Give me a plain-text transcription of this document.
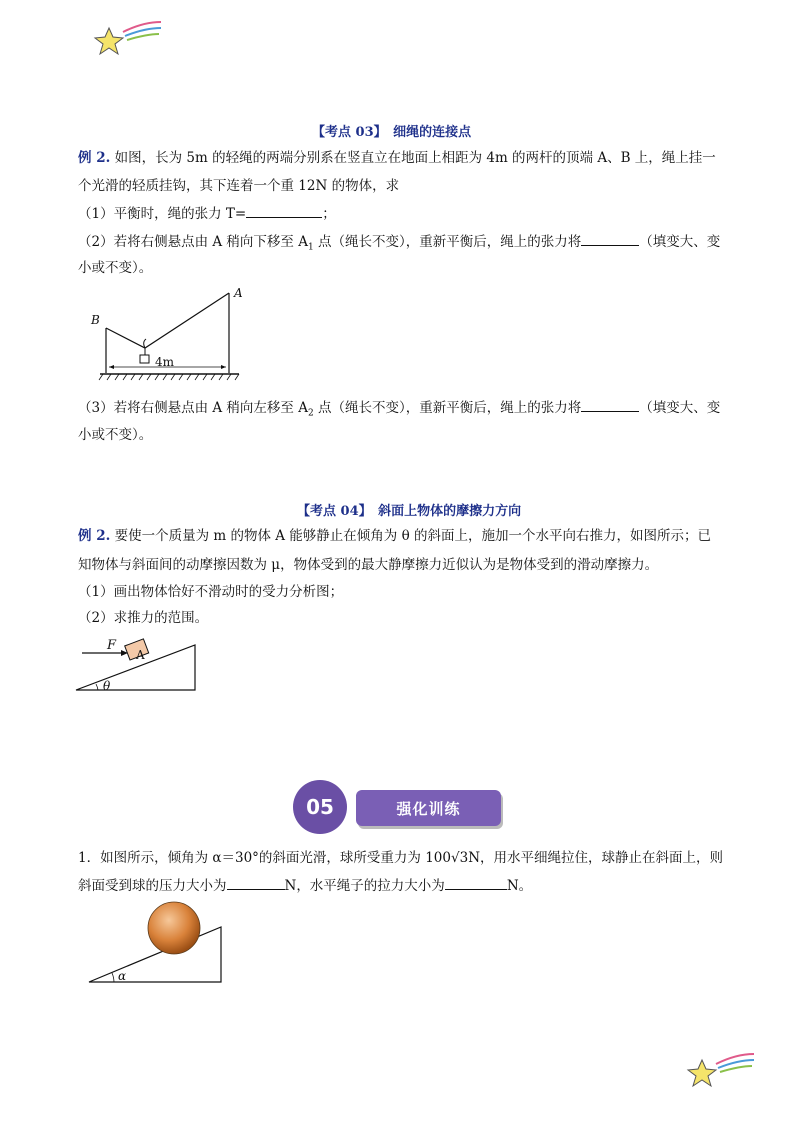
【考点 03】　细绳的连接点
例 2. 如图，长为 5m 的轻绳的两端分别系在竖直立在地面上相距为 4m 的两杆的顶端 A、B 上，绳上挂一
个光滑的轻质挂钩，其下连着一个重 12N 的物体，求
（1）平衡时，绳的张力 T=	；
（2）若将右侧悬点由 A 稍向下移至 $A_1$ 点（绳长不变），重新平衡后，绳上的张力将	（填变大、变
小或不变）。
A
B
4m
（3）若将右侧悬点由 A 稍向左移至 $A_2$ 点（绳长不变），重新平衡后，绳上的张力将	（填变大、变
小或不变）。
【考点 04】　斜面上物体的摩擦力方向
例 2. 要使一个质量为 m 的物体 A 能够静止在倾角为 θ 的斜面上，施加一个水平向右推力，如图所示；已
知物体与斜面间的动摩擦因数为 μ，物体受到的最大静摩擦力近似认为是物体受到的滑动摩擦力。
（1）画出物体恰好不滑动时的受力分析图；
（2）求推力的范围。
F
A
θ
强化训练
05
1．如图所示，倾角为 α＝30°的斜面光滑，球所受重力为 100√3N，用水平细绳拉住，球静止在斜面上，则
斜面受到球的压力大小为	N，水平绳子的拉力大小为	N。
α
